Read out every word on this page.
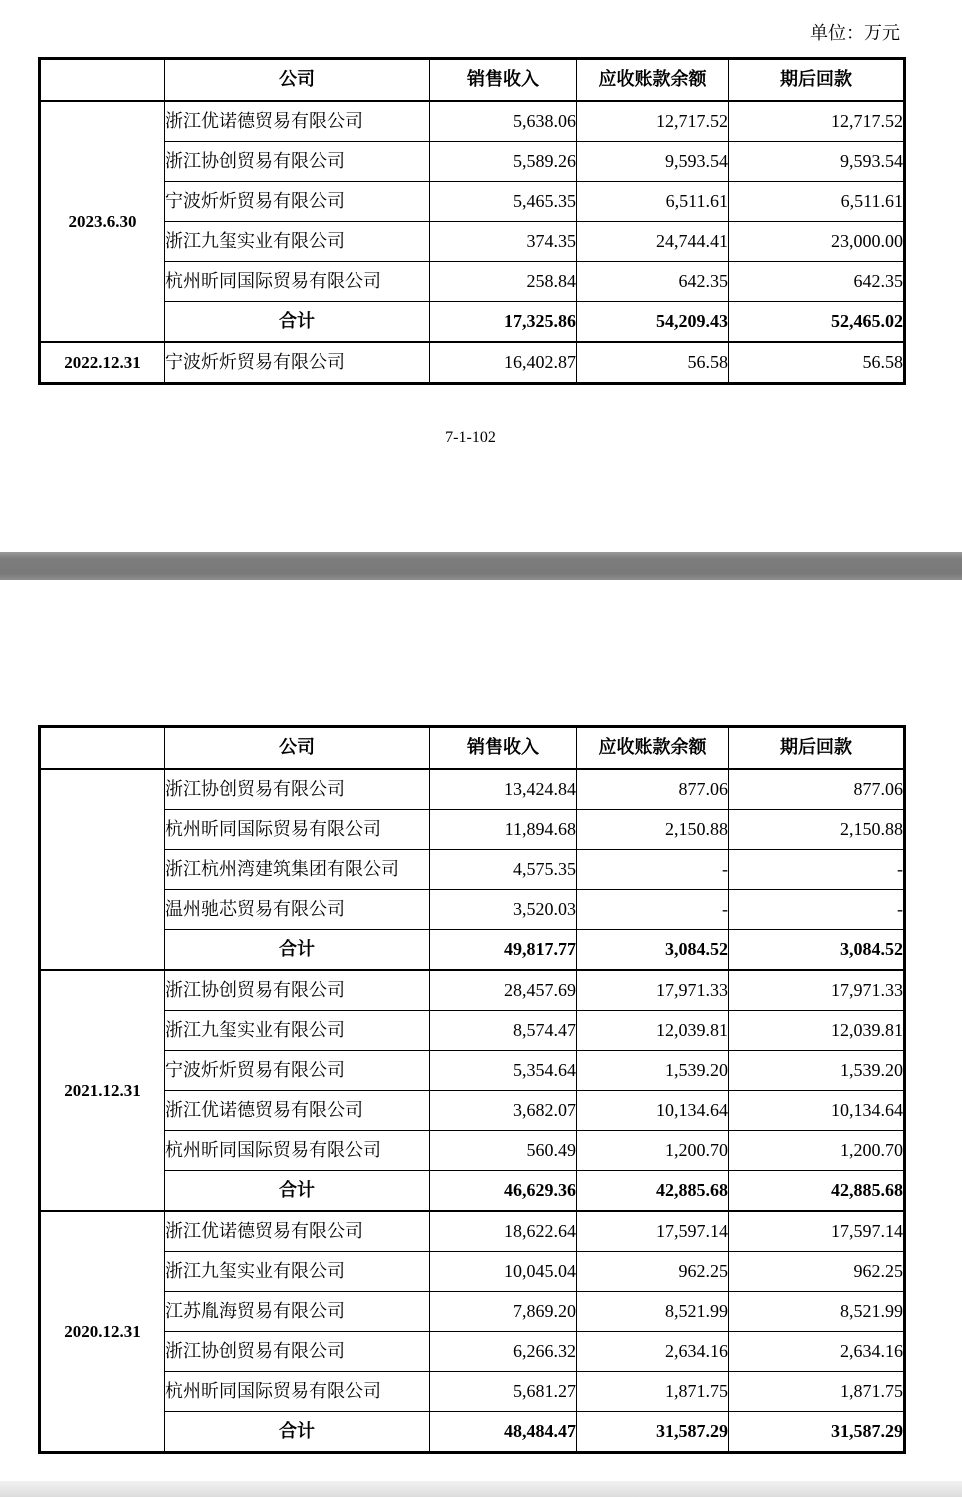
单位：万元
	公司	销售收入	应收账款余额	期后回款
2023.6.30	浙江优诺德贸易有限公司	5,638.06	12,717.52	12,717.52
	浙江协创贸易有限公司	5,589.26	9,593.54	9,593.54
	宁波炘炘贸易有限公司	5,465.35	6,511.61	6,511.61
	浙江九玺实业有限公司	374.35	24,744.41	23,000.00
	杭州昕同国际贸易有限公司	258.84	642.35	642.35
	合计	17,325.86	54,209.43	52,465.02
2022.12.31	宁波炘炘贸易有限公司	16,402.87	56.58	56.58
7-1-102
	公司	销售收入	应收账款余额	期后回款
	浙江协创贸易有限公司	13,424.84	877.06	877.06
	杭州昕同国际贸易有限公司	11,894.68	2,150.88	2,150.88
	浙江杭州湾建筑集团有限公司	4,575.35	-	-
	温州驰芯贸易有限公司	3,520.03	-	-
	合计	49,817.77	3,084.52	3,084.52
2021.12.31	浙江协创贸易有限公司	28,457.69	17,971.33	17,971.33
	浙江九玺实业有限公司	8,574.47	12,039.81	12,039.81
	宁波炘炘贸易有限公司	5,354.64	1,539.20	1,539.20
	浙江优诺德贸易有限公司	3,682.07	10,134.64	10,134.64
	杭州昕同国际贸易有限公司	560.49	1,200.70	1,200.70
	合计	46,629.36	42,885.68	42,885.68
2020.12.31	浙江优诺德贸易有限公司	18,622.64	17,597.14	17,597.14
	浙江九玺实业有限公司	10,045.04	962.25	962.25
	江苏胤海贸易有限公司	7,869.20	8,521.99	8,521.99
	浙江协创贸易有限公司	6,266.32	2,634.16	2,634.16
	杭州昕同国际贸易有限公司	5,681.27	1,871.75	1,871.75
	合计	48,484.47	31,587.29	31,587.29
